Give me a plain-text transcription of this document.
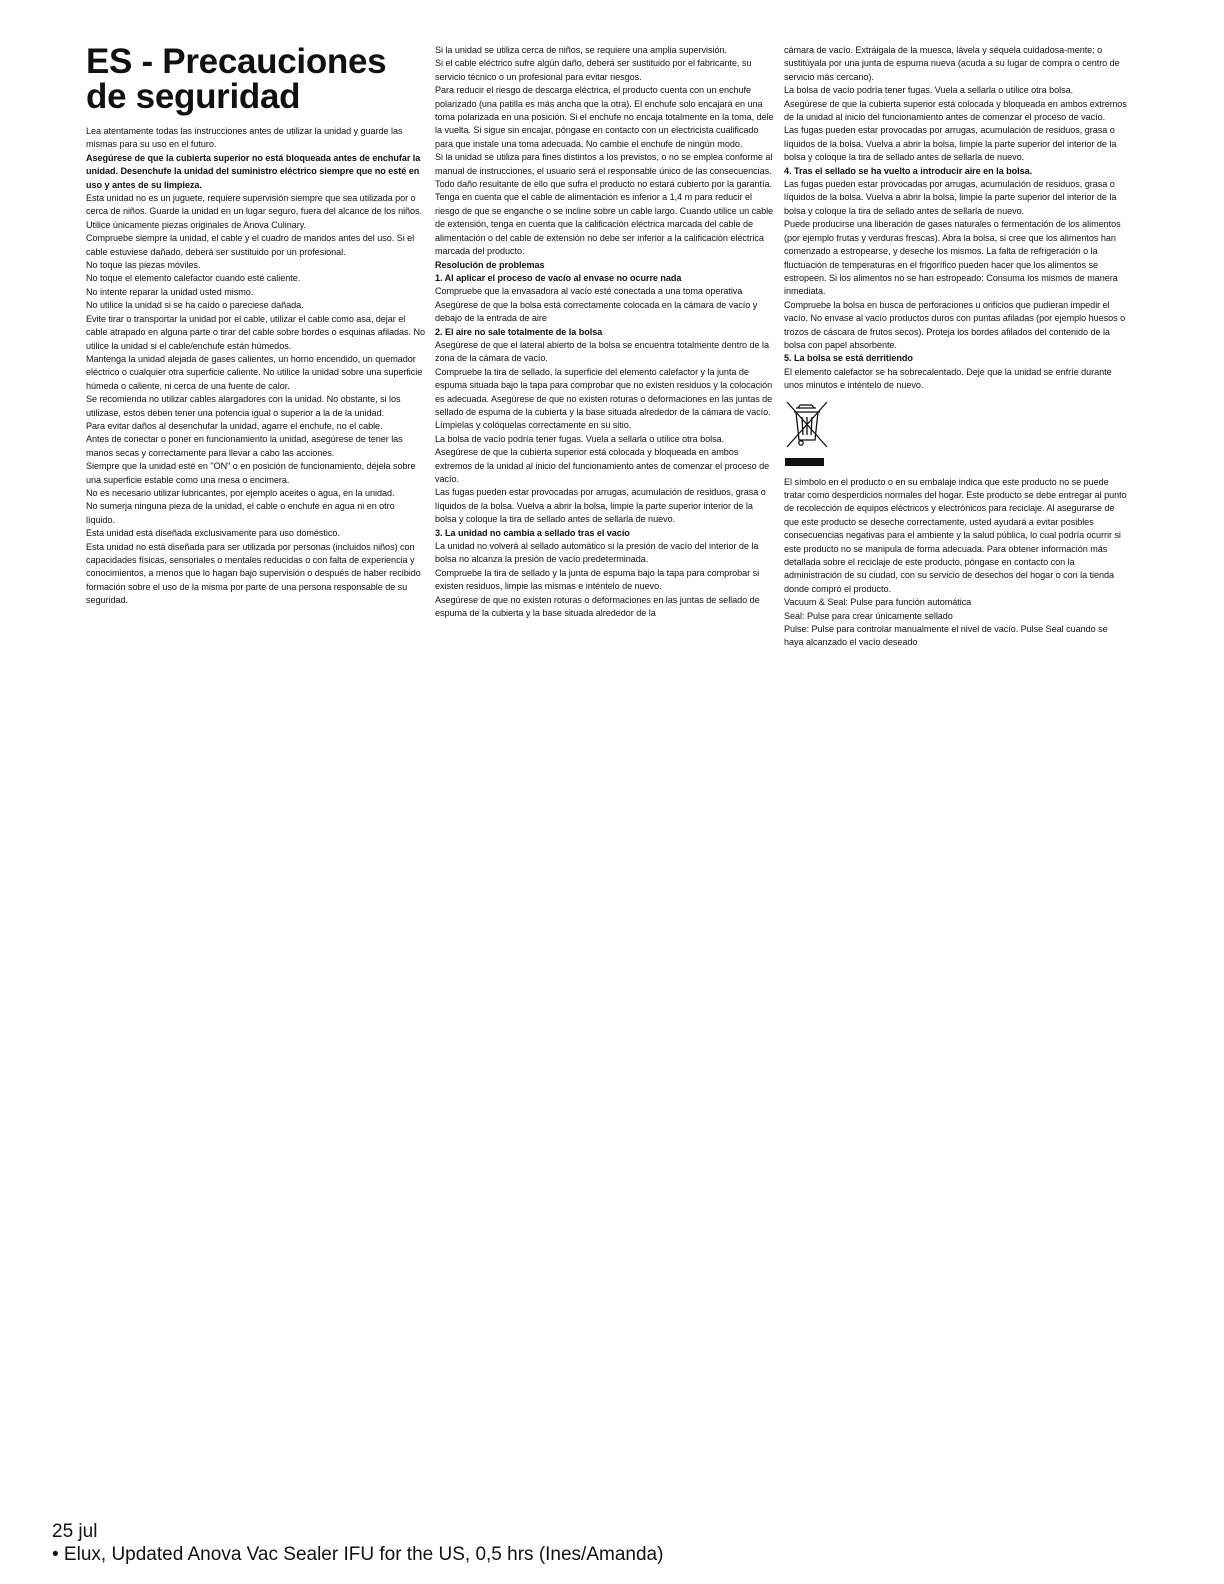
ES - Precauciones de seguridad

Lea atentamente todas las instrucciones antes de utilizar la unidad y guarde las mismas para su uso en el futuro.

Asegúrese de que la cubierta superior no está bloqueada antes de enchufar la unidad. Desenchufe la unidad del suministro eléctrico siempre que no esté en uso y antes de su limpieza.

Esta unidad no es un juguete, requiere supervisión siempre que sea utilizada por o cerca de niños. Guarde la unidad en un lugar seguro, fuera del alcance de los niños.

Utilice únicamente piezas originales de Anova Culinary.

Compruebe siempre la unidad, el cable y el cuadro de mandos antes del uso. Si el cable estuviese dañado, deberá ser sustituido por un profesional.

No toque las piezas móviles.

No toque el elemento calefactor cuando esté caliente.

No intente reparar la unidad usted mismo.

No utilice la unidad si se ha caído o pareciese dañada.

Evite tirar o transportar la unidad por el cable, utilizar el cable como asa, dejar el cable atrapado en alguna parte o tirar del cable sobre bordes o esquinas afiladas. No utilice la unidad si el cable/enchufe están húmedos.

Mantenga la unidad alejada de gases calientes, un horno encendido, un quemador eléctrico o cualquier otra superficie caliente. No utilice la unidad sobre una superficie húmeda o caliente, ni cerca de una fuente de calor.

Se recomienda no utilizar cables alargadores con la unidad. No obstante, si los utilizase, estos deben tener una potencia igual o superior a la de la unidad.

Para evitar daños al desenchufar la unidad, agarre el enchufe, no el cable.

Antes de conectar o poner en funcionamiento la unidad, asegúrese de tener las manos secas y correctamente para llevar a cabo las acciones.

Siempre que la unidad esté en "ON" o en posición de funcionamiento, déjela sobre una superficie estable como una mesa o encimera.

No es necesario utilizar lubricantes, por ejemplo aceites o agua, en la unidad.

No sumerja ninguna pieza de la unidad, el cable o enchufe en agua ni en otro líquido.

Esta unidad está diseñada exclusivamente para uso doméstico.

Esta unidad no está diseñada para ser utilizada por personas (incluidos niños) con capacidades físicas, sensoriales o mentales reducidas o con falta de experiencia y conocimientos, a menos que lo hagan bajo supervisión o después de haber recibido formación sobre el uso de la misma por parte de una persona responsable de su seguridad.

Si la unidad se utiliza cerca de niños, se requiere una amplia supervisión.

Si el cable eléctrico sufre algún daño, deberá ser sustituido por el fabricante, su servicio técnico o un profesional para evitar riesgos.

Para reducir el riesgo de descarga eléctrica, el producto cuenta con un enchufe polarizado (una patilla es más ancha que la otra). El enchufe solo encajará en una toma polarizada en una posición. Si el enchufe no encaja totalmente en la toma, dele la vuelta. Si sigue sin encajar, póngase en contacto con un electricista cualificado para que instale una toma adecuada. No cambie el enchufe de ningún modo.

Si la unidad se utiliza para fines distintos a los previstos, o no se emplea conforme al manual de instrucciones, el usuario será el responsable único de las consecuencias. Todo daño resultante de ello que sufra el producto no estará cubierto por la garantía.

Tenga en cuenta que el cable de alimentación es inferior a 1,4 m para reducir el riesgo de que se enganche o se incline sobre un cable largo. Cuando utilice un cable de extensión, tenga en cuenta que la calificación eléctrica marcada del cable de alimentación o del cable de extensión no debe ser inferior a la calificación eléctrica marcada del producto.

Resolución de problemas

1. Al aplicar el proceso de vacío al envase no ocurre nada

Compruebe que la envasadora al vacío esté conectada a una toma operativa

Asegúrese de que la bolsa está correctamente colocada en la cámara de vacío y debajo de la entrada de aire

2. El aire no sale totalmente de la bolsa

Asegúrese de que el lateral abierto de la bolsa se encuentra totalmente dentro de la zona de la cámara de vacío.

Compruebe la tira de sellado, la superficie del elemento calefactor y la junta de espuma situada bajo la tapa para comprobar que no existen residuos y la colocación es adecuada. Asegúrese de que no existen roturas o deformaciones en las juntas de sellado de espuma de la cubierta y la base situada alrededor de la cámara de vacío. Límpielas y colóquelas correctamente en su sitio.

La bolsa de vacío podría tener fugas. Vuela a sellarla o utilice otra bolsa.

Asegúrese de que la cubierta superior está colocada y bloqueada en ambos extremos de la unidad al inicio del funcionamiento antes de comenzar el proceso de vacío.

Las fugas pueden estar provocadas por arrugas, acumulación de residuos, grasa o líquidos de la bolsa. Vuelva a abrir la bolsa, limpie la parte superior interior de la bolsa y coloque la tira de sellado antes de sellarla de nuevo.

3. La unidad no cambia a sellado tras el vacío

La unidad no volverá al sellado automático si la presión de vacío del interior de la bolsa no alcanza la presión de vacío predeterminada.

Compruebe la tira de sellado y la junta de espuma bajo la tapa para comprobar si existen residuos, limpie las mismas e inténtelo de nuevo.

Asegúrese de que no existen roturas o deformaciones en las juntas de sellado de espuma de la cubierta y la base situada alrededor de la

cámara de vacío. Extráigala de la muesca, lávela y séquela cuidadosa-mente; o sustitúyala por una junta de espuma nueva (acuda a su lugar de compra o centro de servicio más cercano).

La bolsa de vacío podría tener fugas. Vuela a sellarla o utilice otra bolsa.

Asegúrese de que la cubierta superior está colocada y bloqueada en ambos extremos de la unidad al inicio del funcionamiento antes de comenzar el proceso de vacío.

Las fugas pueden estar provocadas por arrugas, acumulación de residuos, grasa o líquidos de la bolsa. Vuelva a abrir la bolsa, limpie la parte superior del interior de la bolsa y coloque la tira de sellado antes de sellarla de nuevo.

4. Tras el sellado se ha vuelto a introducir aire en la bolsa.

Las fugas pueden estar provocadas por arrugas, acumulación de residuos, grasa o líquidos de la bolsa. Vuelva a abrir la bolsa, limpie la parte superior del interior de la bolsa y coloque la tira de sellado antes de sellarla de nuevo.

Puede producirse una liberación de gases naturales o fermentación de los alimentos (por ejemplo frutas y verduras frescas). Abra la bolsa, si cree que los alimentos han comenzado a estropearse, y deseche los mismos. La falta de refrigeración o la fluctuación de temperaturas en el frigorífico pueden hacer que los alimentos se estropeen. Si los alimentos no se han estropeado: Consuma los mismos de manera inmediata.

Compruebe la bolsa en busca de perforaciones u orificios que pudieran impedir el vacío. No envase al vacío productos duros con puntas afiladas (por ejemplo huesos o trozos de cáscara de frutos secos). Proteja los bordes afilados del contenido de la bolsa con papel absorbente.

5. La bolsa se está derritiendo

El elemento calefactor se ha sobrecalentado. Deje que la unidad se enfríe durante unos minutos e inténtelo de nuevo.

El símbolo en el producto o en su embalaje indica que este producto no se puede tratar como desperdicios normales del hogar. Este producto se debe entregar al punto de recolección de equipos eléctricos y electrónicos para reciclaje. Al asegurarse de que este producto se deseche correctamente, usted ayudará a evitar posibles consecuencias negativas para el ambiente y la salud pública, lo cual podría ocurrir si este producto no se manipula de forma adecuada. Para obtener información más detallada sobre el reciclaje de este producto, póngase en contacto con la administración de su ciudad, con su servicio de desechos del hogar o con la tienda donde compró el producto.

Vacuum & Seal: Pulse para función automática

Seal: Pulse para crear únicamente sellado

Pulse: Pulse para controlar manualmente el nivel de vacío. Pulse Seal cuando se haya alcanzado el vacío deseado

25 jul
• Elux, Updated Anova Vac Sealer IFU for the US, 0,5 hrs (Ines/Amanda)
